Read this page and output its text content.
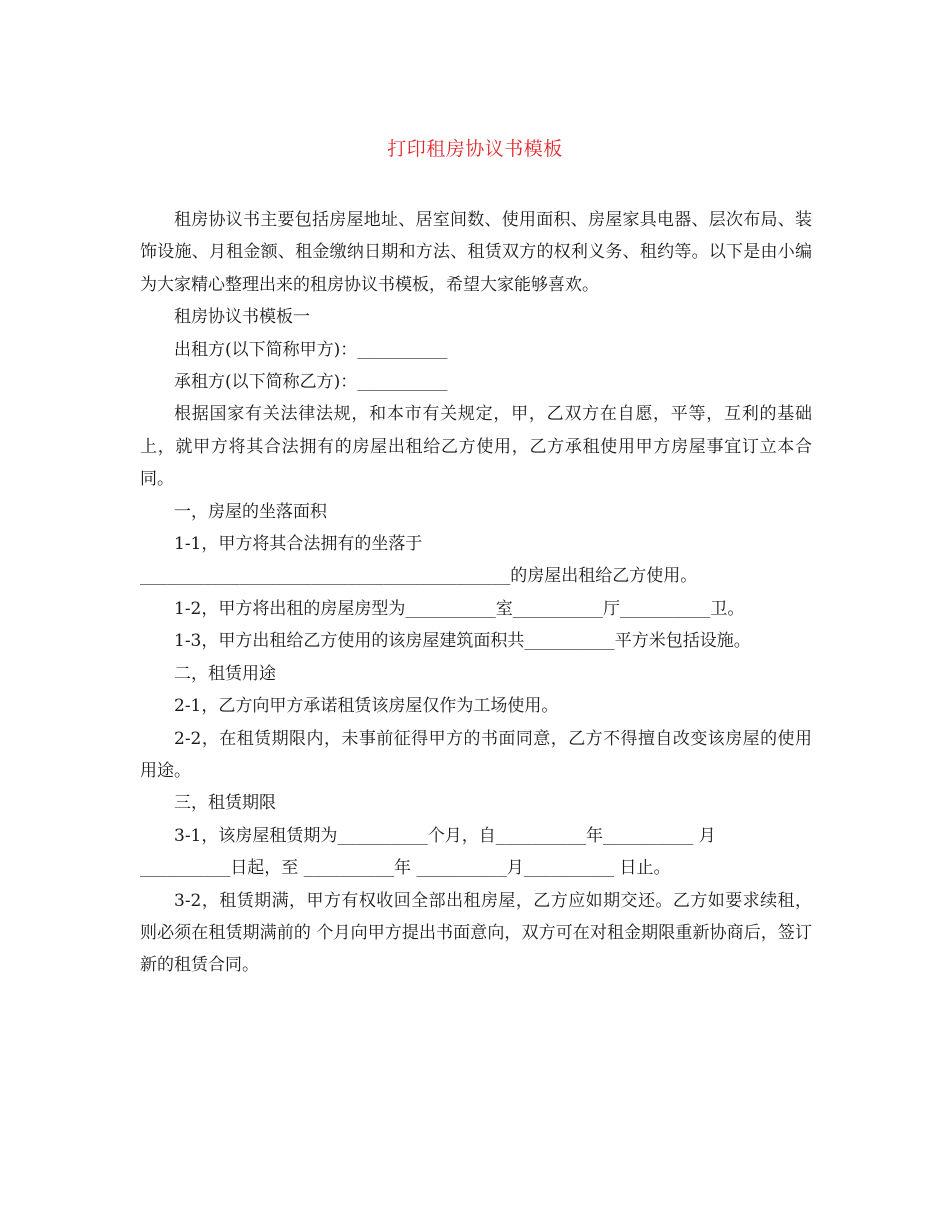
打印租房协议书模板

租房协议书主要包括房屋地址、居室间数、使用面积、房屋家具电器、层次布局、装饰设施、月租金额、租金缴纳日期和方法、租赁双方的权利义务、租约等。以下是由小编为大家精心整理出来的租房协议书模板，希望大家能够喜欢。

租房协议书模板一

出租方(以下简称甲方)：__________

承租方(以下简称乙方)：__________

根据国家有关法律法规，和本市有关规定，甲，乙双方在自愿，平等，互利的基础上，就甲方将其合法拥有的房屋出租给乙方使用，乙方承租使用甲方房屋事宜订立本合同。

一，房屋的坐落面积

1-1，甲方将其合法拥有的坐落于

_________________________________________的房屋出租给乙方使用。

1-2，甲方将出租的房屋房型为__________室__________厅__________卫。

1-3，甲方出租给乙方使用的该房屋建筑面积共__________平方米包括设施。

二，租赁用途

2-1，乙方向甲方承诺租赁该房屋仅作为工场使用。

2-2，在租赁期限内，未事前征得甲方的书面同意，乙方不得擅自改变该房屋的使用用途。

三，租赁期限

3-1，该房屋租赁期为__________个月，自__________年__________ 月

__________日起，至 __________年 __________月__________ 日止。

3-2，租赁期满，甲方有权收回全部出租房屋，乙方应如期交还。乙方如要求续租，则必须在租赁期满前的 个月向甲方提出书面意向，双方可在对租金期限重新协商后，签订新的租赁合同。
